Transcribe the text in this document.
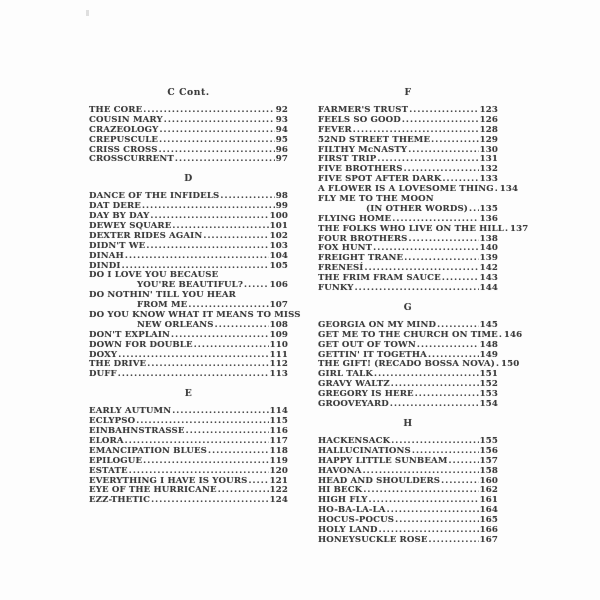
C Cont.
THE CORE .....	92
COUSIN MARY .....	93
CRAZEOLOGY .....	94
CREPUSCULE .....	95
CRISS CROSS .....	96
CROSSCURRENT .....	97
D
DANCE OF THE INFIDELS .....	98
DAT DERE .....	99
DAY BY DAY .....	100
DEWEY SQUARE .....	101
DEXTER RIDES AGAIN .....	102
DIDN'T WE .....	103
DINAH .....	104
DINDI .....	105
DO I LOVE YOU BECAUSE
YOU'RE BEAUTIFUL? .....	106
DO NOTHIN' TILL YOU HEAR
FROM ME .....	107
DO YOU KNOW WHAT IT MEANS TO MISS
NEW ORLEANS .....	108
DON'T EXPLAIN .....	109
DOWN FOR DOUBLE .....	110
DOXY .....	111
THE DRIVE .....	112
DUFF .....	113
E
EARLY AUTUMN .....	114
ECLYPSO .....	115
EINBAHNSTRASSE .....	116
ELORA .....	117
EMANCIPATION BLUES .....	118
EPILOGUE .....	119
ESTATE .....	120
EVERYTHING I HAVE IS YOURS .....	121
EYE OF THE HURRICANE .....	122
EZZ-THETIC .....	124
F
FARMER'S TRUST .....	123
FEELS SO GOOD .....	126
FEVER .....	128
52ND STREET THEME .....	129
FILTHY McNASTY .....	130
FIRST TRIP .....	131
FIVE BROTHERS .....	132
FIVE SPOT AFTER DARK .....	133
A FLOWER IS A LOVESOME THING ..... 134
FLY ME TO THE MOON
(IN OTHER WORDS) ..... 135
FLYING HOME .....	136
THE FOLKS WHO LIVE ON THE HILL ..... 137
FOUR BROTHERS .....	138
FOX HUNT .....	140
FREIGHT TRANE .....	139
FRENESÍ .....	142
THE FRIM FRAM SAUCE .....	143
FUNKY .....	144
G
GEORGIA ON MY MIND .....	145
GET ME TO THE CHURCH ON TIME ..... 146
GET OUT OF TOWN .....	148
GETTIN' IT TOGETHA .....	149
THE GIFT! (RECADO BOSSA NOVA) ..... 150
GIRL TALK .....	151
GRAVY WALTZ .....	152
GREGORY IS HERE .....	153
GROOVEYARD .....	154
H
HACKENSACK .....	155
HALLUCINATIONS .....	156
HAPPY LITTLE SUNBEAM .....	157
HAVONA .....	158
HEAD AND SHOULDERS .....	160
HI BECK .....	162
HIGH FLY .....	161
HO-BA-LA-LA .....	164
HOCUS-POCUS .....	165
HOLY LAND .....	166
HONEYSUCKLE ROSE .....	167
